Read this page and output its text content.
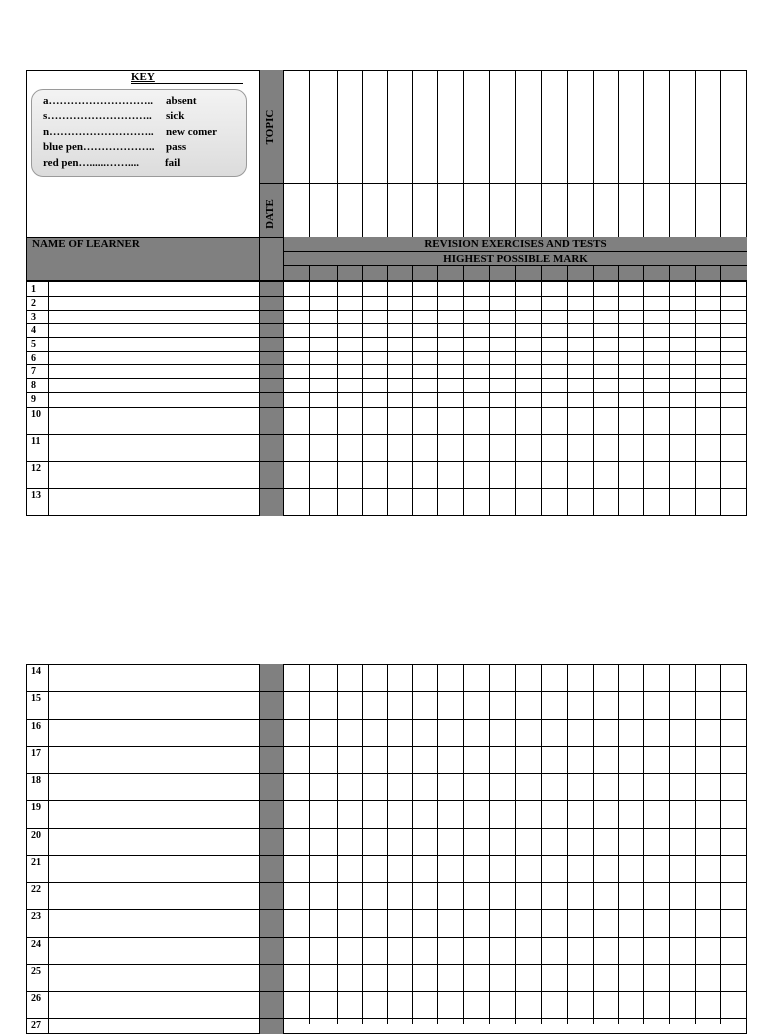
KEY
a……………………….. absent
s……………………….. sick
n……………………….. new comer
blue pen……………….. pass
red pen…......…….... fail
TOPIC
DATE
NAME OF LEARNER	REVISION EXERCISES AND TESTS
HIGHEST POSSIBLE MARK
1
2
3
4
5
6
7
8
9
10
11
12
13
14
15
16
17
18
19
20
21
22
23
24
25
26
27
